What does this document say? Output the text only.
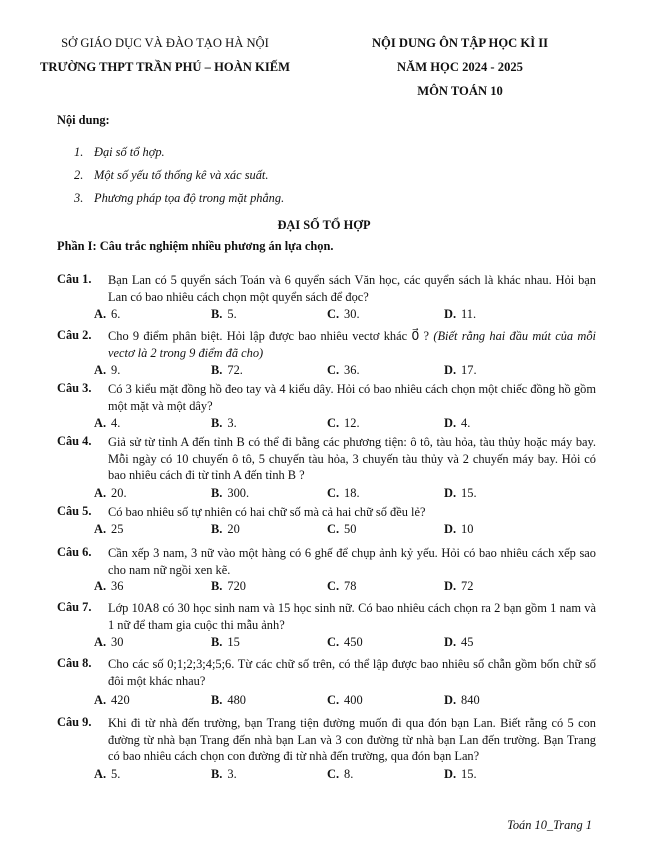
SỞ GIÁO DỤC VÀ ĐÀO TẠO HÀ NỘI
TRƯỜNG THPT TRẦN PHÚ – HOÀN KIẾM
NỘI DUNG ÔN TẬP HỌC KÌ II
NĂM HỌC 2024 - 2025
MÔN TOÁN 10
Nội dung:
1. Đại số tổ hợp.
2. Một số yếu tố thống kê và xác suất.
3. Phương pháp tọa độ trong mặt phẳng.
ĐẠI SỐ TỔ HỢP
Phần I: Câu trắc nghiệm nhiều phương án lựa chọn.
Câu 1. Bạn Lan có 5 quyển sách Toán và 6 quyển sách Văn học, các quyển sách là khác nhau. Hỏi bạn Lan có bao nhiêu cách chọn một quyển sách để đọc?
A. 6.	B. 5.	C. 30.	D. 11.
Câu 2. Cho 9 điểm phân biệt. Hỏi lập được bao nhiêu vectơ khác 0⃗ ? (Biết rằng hai đầu mút của mỗi vectơ là 2 trong 9 điểm đã cho)
A. 9.	B. 72.	C. 36.	D. 17.
Câu 3. Có 3 kiểu mặt đồng hồ đeo tay và 4 kiểu dây. Hỏi có bao nhiêu cách chọn một chiếc đồng hồ gồm một mặt và một dây?
A. 4.	B. 3.	C. 12.	D. 4.
Câu 4. Giả sử từ tỉnh A đến tỉnh B có thể đi bằng các phương tiện: ô tô, tàu hỏa, tàu thủy hoặc máy bay. Mỗi ngày có 10 chuyến ô tô, 5 chuyến tàu hỏa, 3 chuyến tàu thủy và 2 chuyến máy bay. Hỏi có bao nhiêu cách đi từ tỉnh A đến tỉnh B ?
A. 20.	B. 300.	C. 18.	D. 15.
Câu 5. Có bao nhiêu số tự nhiên có hai chữ số mà cả hai chữ số đều lẻ?
A. 25	B. 20	C. 50	D. 10
Câu 6. Cần xếp 3 nam, 3 nữ vào một hàng có 6 ghế để chụp ảnh kỷ yếu. Hỏi có bao nhiêu cách xếp sao cho nam nữ ngồi xen kẽ.
A. 36	B. 720	C. 78	D. 72
Câu 7. Lớp 10A8 có 30 học sinh nam và 15 học sinh nữ. Có bao nhiêu cách chọn ra 2 bạn gồm 1 nam và 1 nữ để tham gia cuộc thi mẫu ảnh?
A. 30	B. 15	C. 450	D. 45
Câu 8. Cho các số 0;1;2;3;4;5;6. Từ các chữ số trên, có thể lập được bao nhiêu số chẵn gồm bốn chữ số đôi một khác nhau?
A. 420	B. 480	C. 400	D. 840
Câu 9. Khi đi từ nhà đến trường, bạn Trang tiện đường muốn đi qua đón bạn Lan. Biết rằng có 5 con đường từ nhà bạn Trang đến nhà bạn Lan và 3 con đường từ nhà bạn Lan đến trường. Bạn Trang có bao nhiêu cách chọn con đường đi từ nhà đến trường, qua đón bạn Lan?
A. 5.	B. 3.	C. 8.	D. 15.
Toán 10_Trang 1
